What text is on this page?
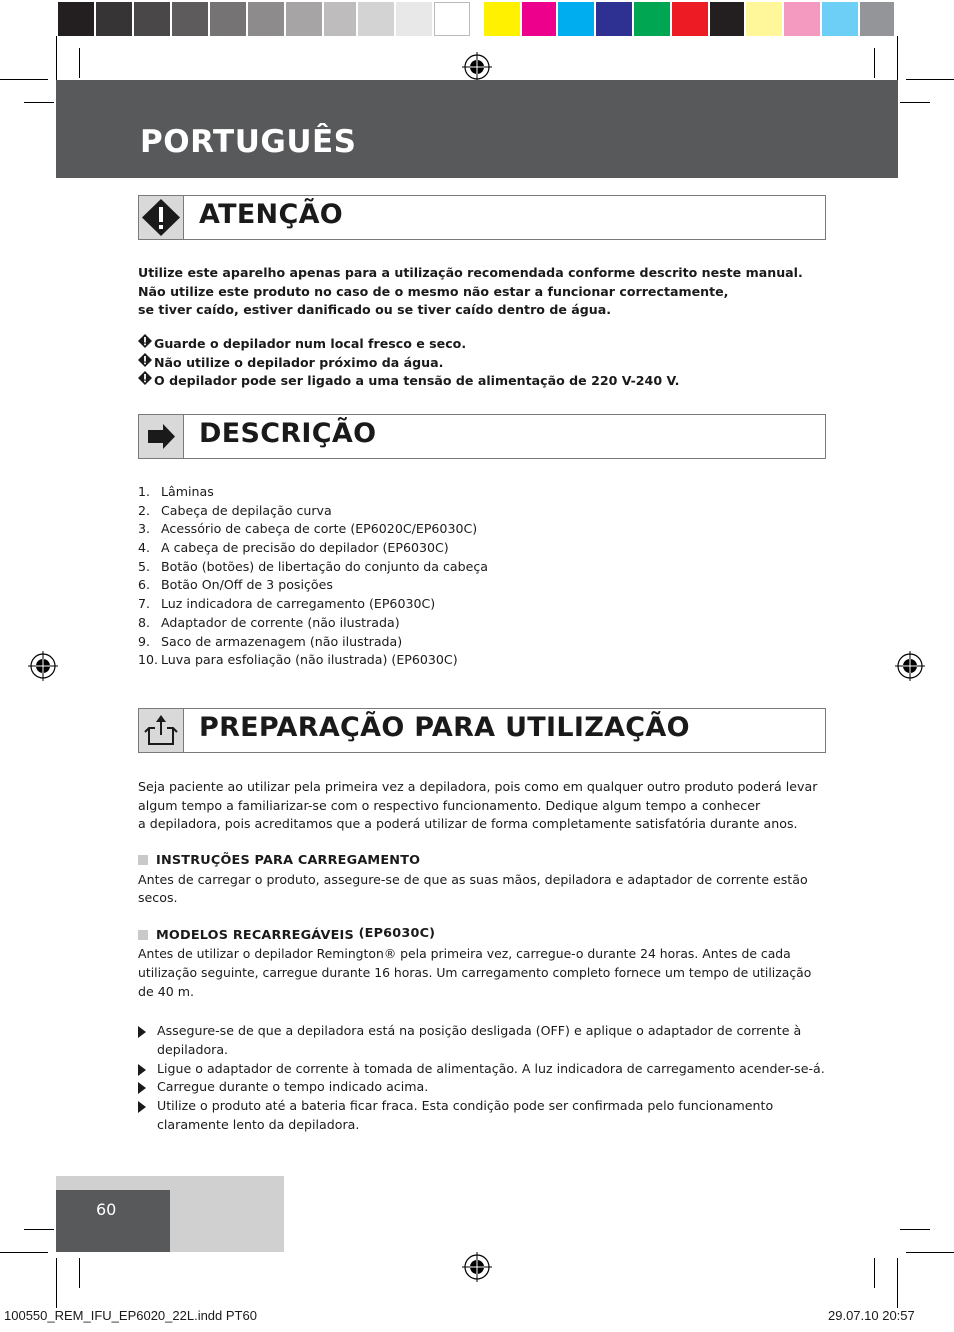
PORTUGUÊS
ATENÇÃO

Utilize este aparelho apenas para a utilização recomendada conforme descrito neste manual.

Não utilize este produto no caso de o mesmo não estar a funcionar correctamente,

se tiver caído, estiver danificado ou se tiver caído dentro de água.

Guarde o depilador num local fresco e seco.

Não utilize o depilador próximo da água.

O depilador pode ser ligado a uma tensão de alimentação de 220 V-240 V.

DESCRIÇÃO
1. Lâminas
2. Cabeça de depilação curva
3. Acessório de cabeça de corte (EP6020C/EP6030C)
4. A cabeça de precisão do depilador (EP6030C)
5. Botão (botões) de libertação do conjunto da cabeça
6. Botão On/Off de 3 posições
7. Luz indicadora de carregamento (EP6030C)
8. Adaptador de corrente (não ilustrada)
9. Saco de armazenagem (não ilustrada)
10. Luva para esfoliação (não ilustrada) (EP6030C)
PREPARAÇÃO PARA UTILIZAÇÃO

Seja paciente ao utilizar pela primeira vez a depiladora, pois como em qualquer outro produto poderá levar

algum tempo a familiarizar-se com o respectivo funcionamento. Dedique algum tempo a conhecer

a depiladora, pois acreditamos que a poderá utilizar de forma completamente satisfatória durante anos.

INSTRUÇÕES PARA CARREGAMENTO

Antes de carregar o produto, assegure-se de que as suas mãos, depiladora e adaptador de corrente estão

secos.

MODELOS RECARREGÁVEIS (EP6030C)

Antes de utilizar o depilador Remington® pela primeira vez, carregue-o durante 24 horas. Antes de cada

utilização seguinte, carregue durante 16 horas. Um carregamento completo fornece um tempo de utilização

de 40 m.

Assegure-se de que a depiladora está na posição desligada (OFF) e aplique o adaptador de corrente à depiladora.
Ligue o adaptador de corrente à tomada de alimentação. A luz indicadora de carregamento acender-se-á.
Carregue durante o tempo indicado acima.
Utilize o produto até a bateria ficar fraca. Esta condição pode ser confirmada pelo funcionamento claramente lento da depiladora.
60
100550_REM_IFU_EP6020_22L.indd PT60	29.07.10 20:57
